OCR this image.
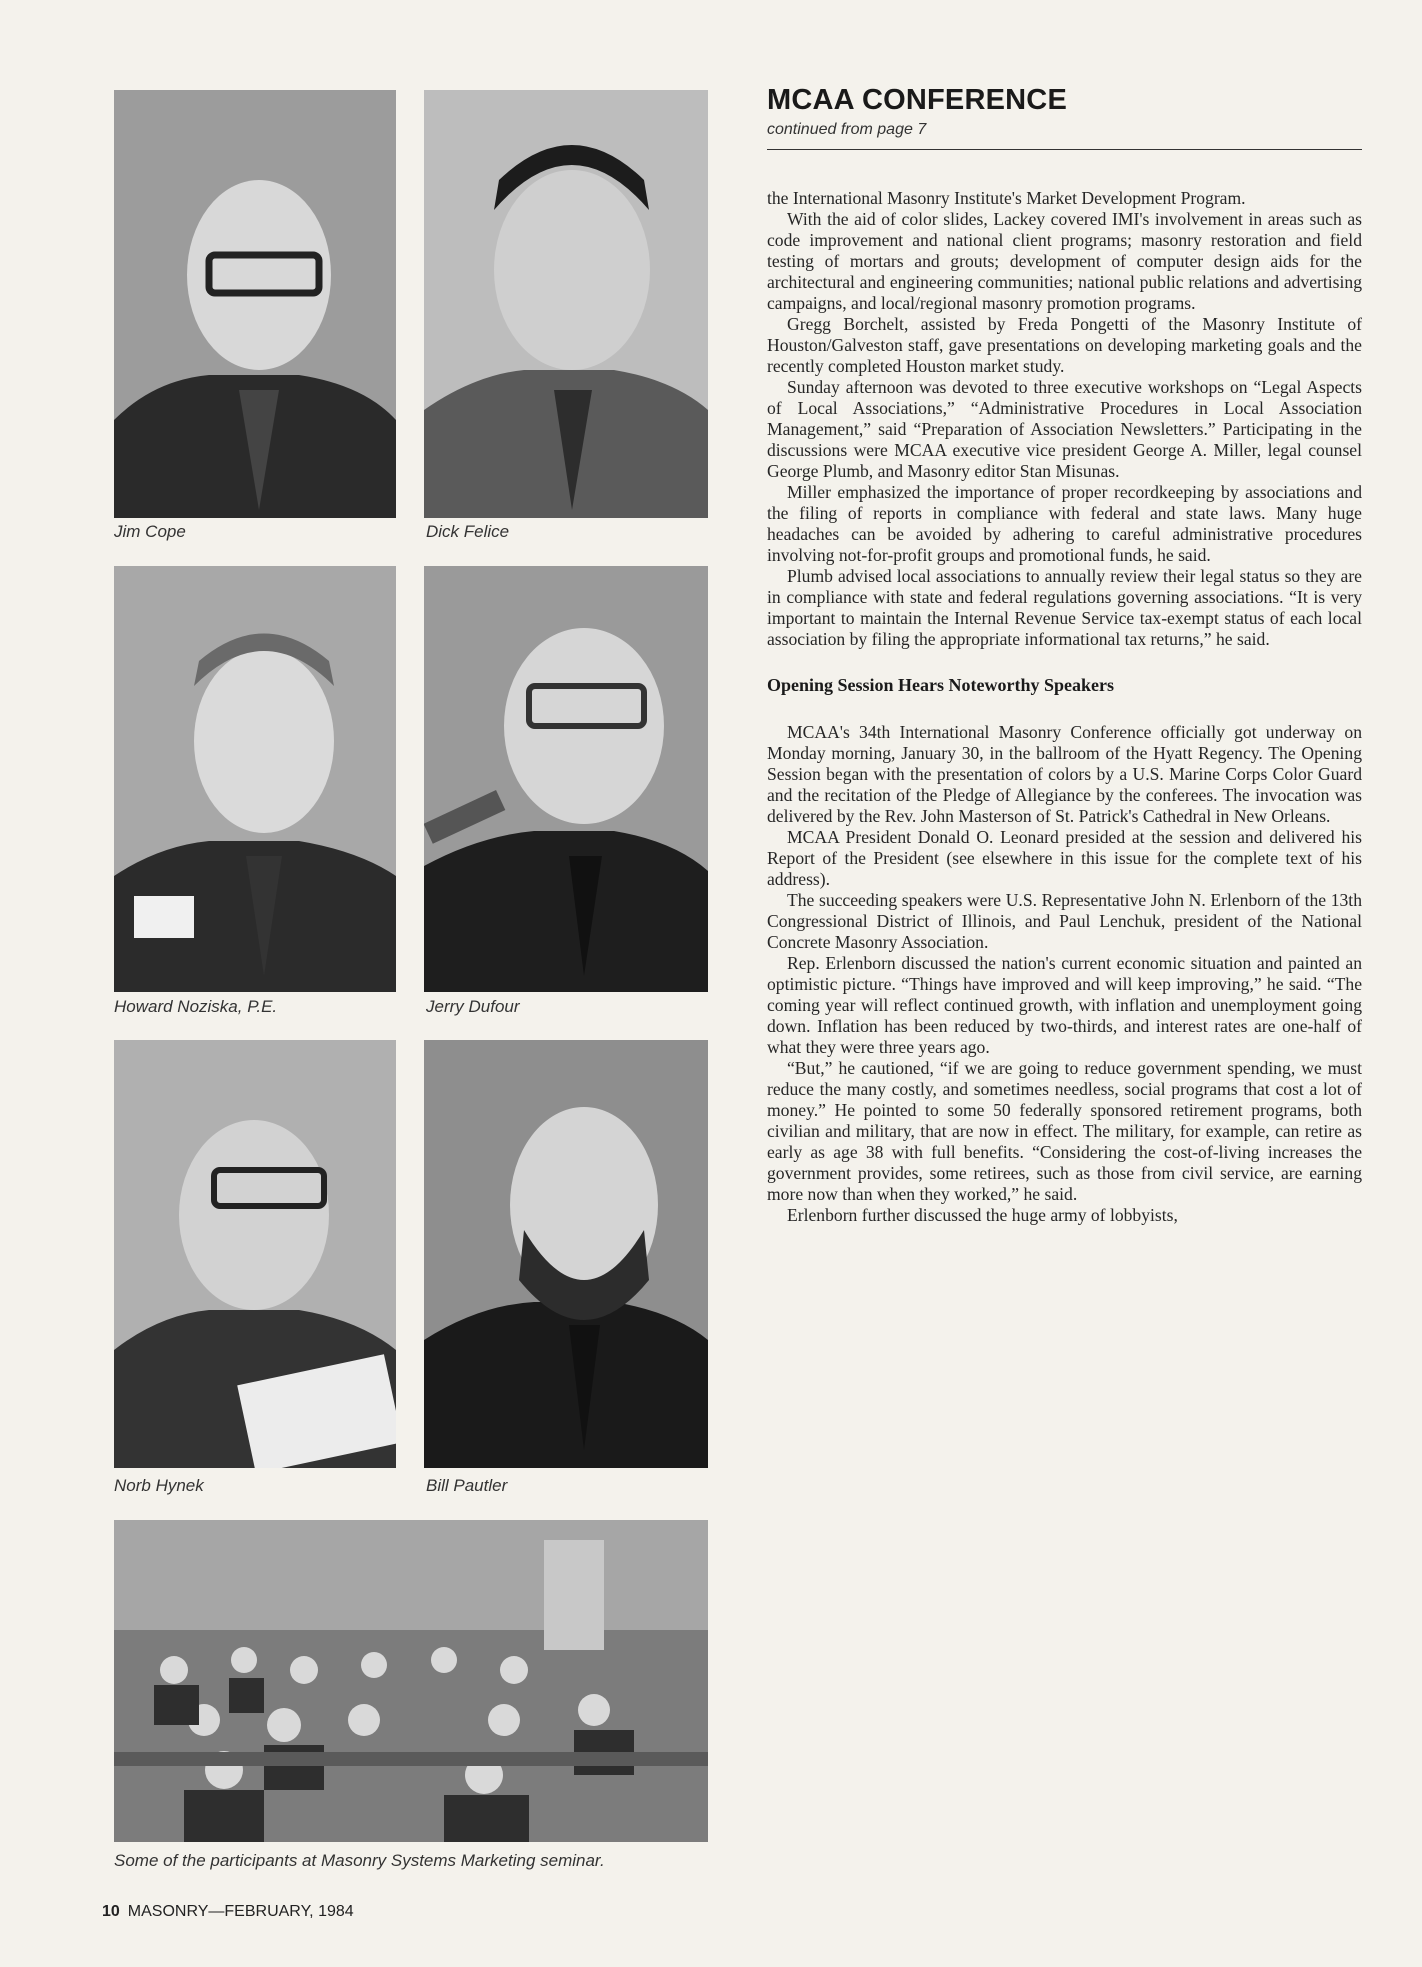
Jim Cope	Dick Felice
Howard Noziska, P.E.	Jerry Dufour
Norb Hynek	Bill Pautler
Some of the participants at Masonry Systems Marketing seminar.
MCAA CONFERENCE
continued from page 7

the International Masonry Institute's Market Development Program.

With the aid of color slides, Lackey covered IMI's involvement in areas such as code improvement and national client programs; masonry restoration and field testing of mortars and grouts; development of computer design aids for the architectural and engineering communities; national public relations and advertising campaigns, and local/regional masonry promotion programs.

Gregg Borchelt, assisted by Freda Pongetti of the Masonry Institute of Houston/Galveston staff, gave presentations on developing marketing goals and the recently completed Houston market study.

Sunday afternoon was devoted to three executive workshops on “Legal Aspects of Local Associations,” “Administrative Procedures in Local Association Management,” said “Preparation of Association Newsletters.” Participating in the discussions were MCAA executive vice president George A. Miller, legal counsel George Plumb, and Masonry editor Stan Misunas.

Miller emphasized the importance of proper recordkeeping by associations and the filing of reports in compliance with federal and state laws. Many huge headaches can be avoided by adhering to careful administrative procedures involving not-for-profit groups and promotional funds, he said.

Plumb advised local associations to annually review their legal status so they are in compliance with state and federal regulations governing associations. “It is very important to maintain the Internal Revenue Service tax-exempt status of each local association by filing the appropriate informational tax returns,” he said.

Opening Session Hears Noteworthy Speakers

MCAA's 34th International Masonry Conference officially got underway on Monday morning, January 30, in the ballroom of the Hyatt Regency. The Opening Session began with the presentation of colors by a U.S. Marine Corps Color Guard and the recitation of the Pledge of Allegiance by the conferees. The invocation was delivered by the Rev. John Masterson of St. Patrick's Cathedral in New Orleans.

MCAA President Donald O. Leonard presided at the session and delivered his Report of the President (see elsewhere in this issue for the complete text of his address).

The succeeding speakers were U.S. Representative John N. Erlenborn of the 13th Congressional District of Illinois, and Paul Lenchuk, president of the National Concrete Masonry Association.

Rep. Erlenborn discussed the nation's current economic situation and painted an optimistic picture. “Things have improved and will keep improving,” he said. “The coming year will reflect continued growth, with inflation and unemployment going down. Inflation has been reduced by two-thirds, and interest rates are one-half of what they were three years ago.

“But,” he cautioned, “if we are going to reduce government spending, we must reduce the many costly, and sometimes needless, social programs that cost a lot of money.” He pointed to some 50 federally sponsored retirement programs, both civilian and military, that are now in effect. The military, for example, can retire as early as age 38 with full benefits. “Considering the cost-of-living increases the government provides, some retirees, such as those from civil service, are earning more now than when they worked,” he said.

Erlenborn further discussed the huge army of lobbyists,

10 MASONRY—FEBRUARY, 1984
